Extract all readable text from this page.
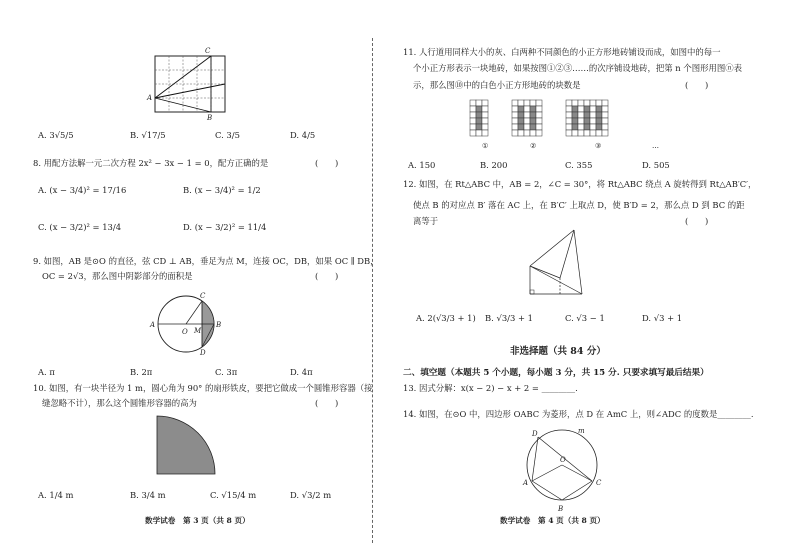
C
A
B
A. 3√5/5	B. √17/5	C. 3/5	D. 4/5
8. 用配方法解一元二次方程 2x² − 3x − 1 = 0，配方正确的是	(　　)
A. (x − 3/4)² = 17/16	B. (x − 3/4)² = 1/2
C. (x − 3/2)² = 13/4	D. (x − 3/2)² = 11/4
9. 如图，AB 是⊙O 的直径，弦 CD ⊥ AB，垂足为点 M，连接 OC，DB，如果 OC ∥ DB，
OC = 2√3，那么图中阴影部分的面积是	(　　)
A	B
C
D
O M
A. π	B. 2π	C. 3π	D. 4π
10. 如图，有一块半径为 1 m，圆心角为 90° 的扇形铁皮，要把它做成一个圆锥形容器（接
缝忽略不计），那么这个圆锥形容器的高为	(　　)
A. 1/4 m	B. 3/4 m	C. √15/4 m	D. √3/2 m
数学试卷　第 3 页（共 8 页）
11. 人行道用同样大小的灰、白两种不同颜色的小正方形地砖铺设而成，如图中的每一
个小正方形表示一块地砖，如果按图①②③……的次序铺设地砖，把第 n 个图形用图ⓝ表
示，那么图⑩中的白色小正方形地砖的块数是	(　　)
①	②	③	…
A. 150	B. 200	C. 355	D. 505
12. 如图，在 Rt△ABC 中，AB = 2，∠C = 30°，将 Rt△ABC 绕点 A 旋转得到 Rt△AB′C′，
使点 B 的对应点 B′ 落在 AC 上，在 B′C′ 上取点 D，使 B′D = 2，那么点 D 到 BC 的距
离等于	(　　)
A. 2(√3/3 + 1) B. √3/3 + 1	C. √3 − 1	D. √3 + 1
非选择题（共 84 分）
二、填空题（本题共 5 个小题，每小题 3 分，共 15 分. 只要求填写最后结果）
13. 因式分解：x(x − 2) − x + 2 = ________.
14. 如图，在⊙O 中，四边形 OABC 为菱形，点 D 在 AmC 上，则∠ADC 的度数是________.
D	m
A
B
C
O
数学试卷　第 4 页（共 8 页）
